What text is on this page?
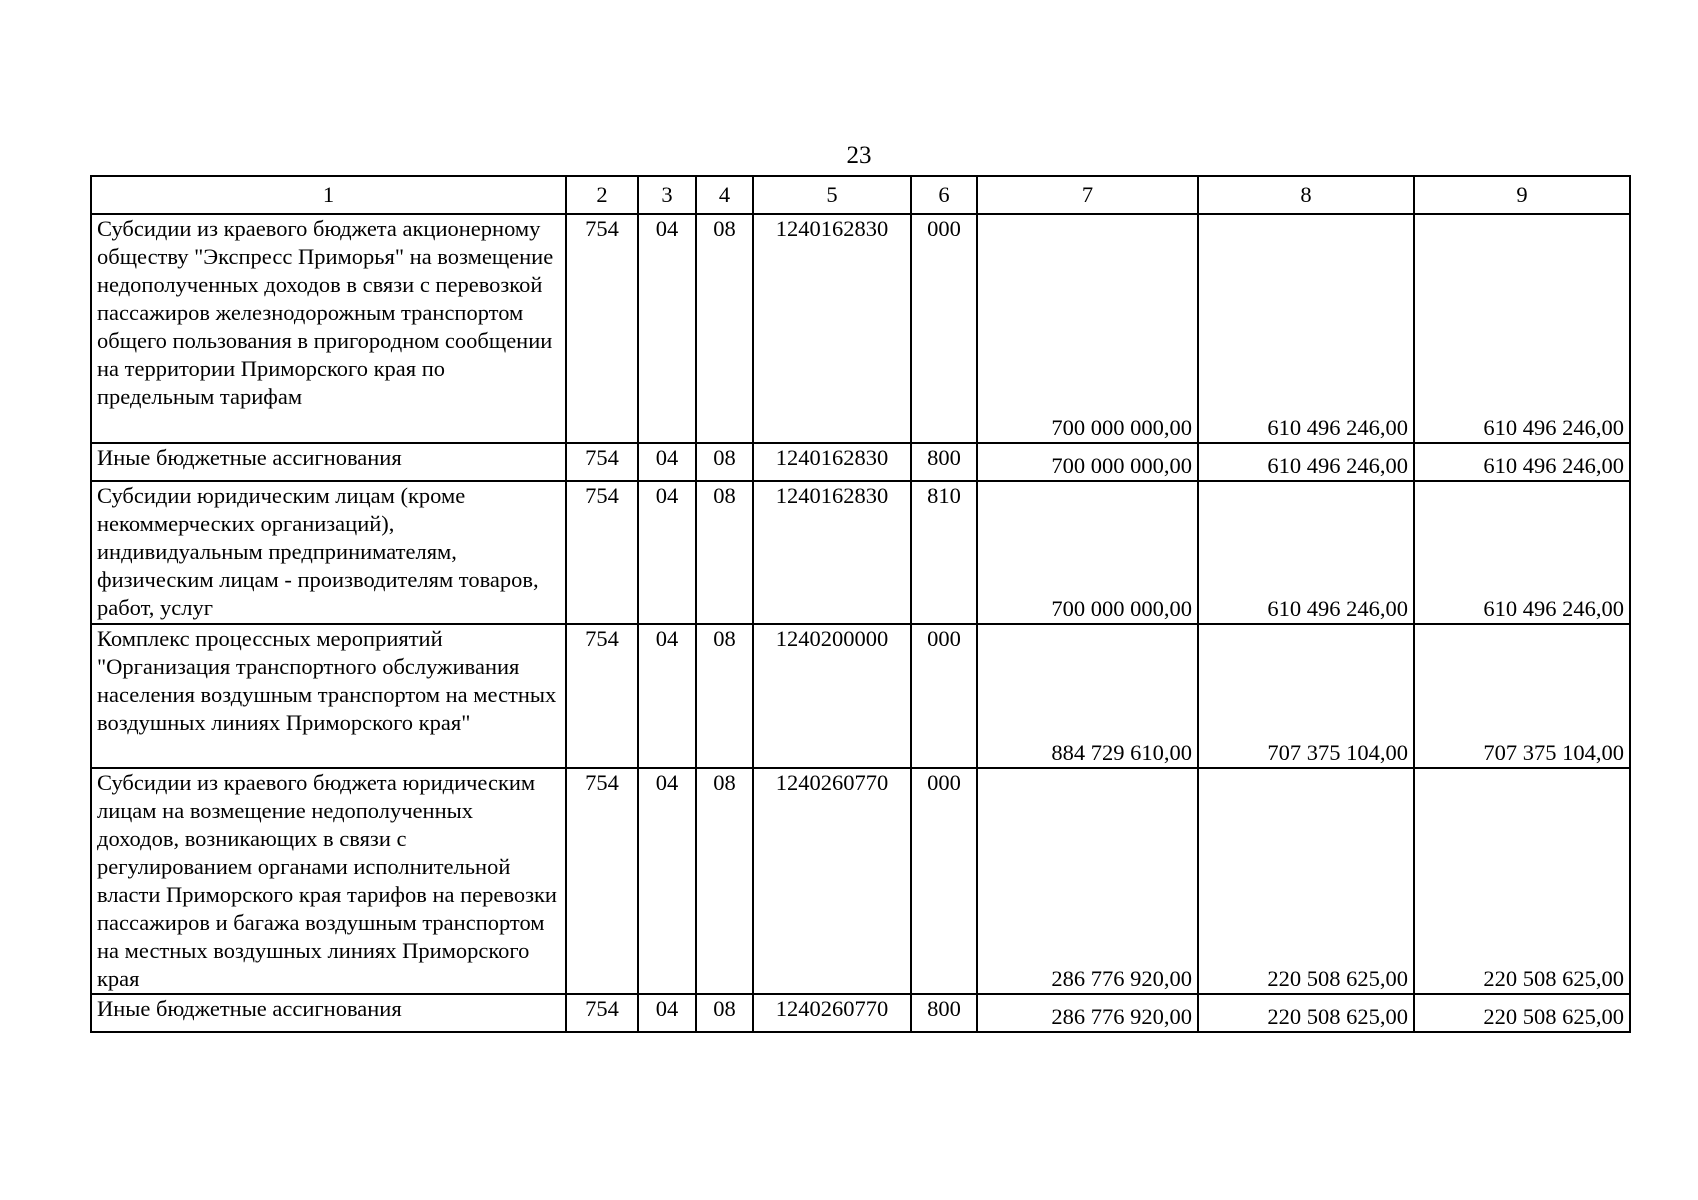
23
1	2	3	4	5	6	7	8	9
Субсидии из краевого бюджета акционерному обществу "Экспресс Приморья" на возмещение недополученных доходов в связи с перевозкой пассажиров железнодорожным транспортом общего пользования в пригородном сообщении на территории Приморского края по предельным тарифам	754	04	08	1240162830	000	700 000 000,00	610 496 246,00	610 496 246,00
Иные бюджетные ассигнования	754	04	08	1240162830	800	700 000 000,00	610 496 246,00	610 496 246,00
Субсидии юридическим лицам (кроме некоммерческих организаций), индивидуальным предпринимателям, физическим лицам - производителям товаров, работ, услуг	754	04	08	1240162830	810	700 000 000,00	610 496 246,00	610 496 246,00
Комплекс процессных мероприятий "Организация транспортного обслуживания населения воздушным транспортом на местных воздушных линиях Приморского края"	754	04	08	1240200000	000	884 729 610,00	707 375 104,00	707 375 104,00
Субсидии из краевого бюджета юридическим лицам на возмещение недополученных доходов, возникающих в связи с регулированием органами исполнительной власти Приморского края тарифов на перевозки пассажиров и багажа воздушным транспортом на местных воздушных линиях Приморского края	754	04	08	1240260770	000	286 776 920,00	220 508 625,00	220 508 625,00
Иные бюджетные ассигнования	754	04	08	1240260770	800	286 776 920,00	220 508 625,00	220 508 625,00
